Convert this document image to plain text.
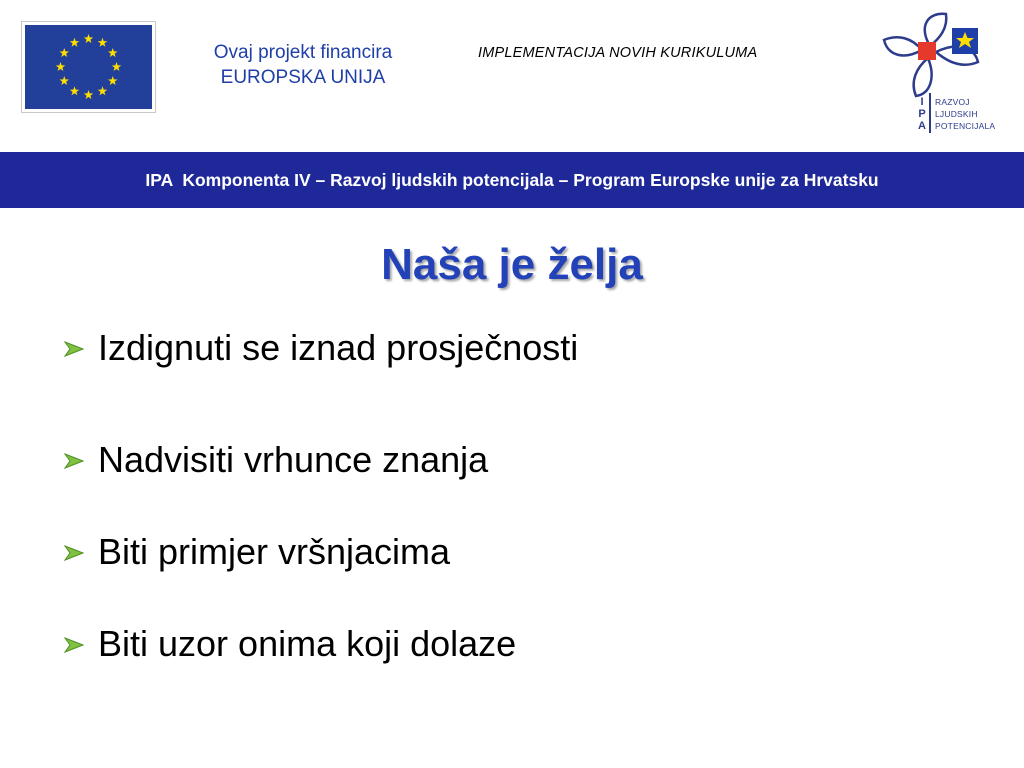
Ovaj projekt financira
EUROPSKA UNIJA
IMPLEMENTACIJA NOVIH KURIKULUMA
I
P
A
RAZVOJ
LJUDSKIH
POTENCIJALA
IPA  Komponenta IV – Razvoj ljudskih potencijala – Program Europske unije za Hrvatsku
Naša je želja
Izdignuti se iznad prosječnosti
Nadvisiti vrhunce znanja
Biti primjer vršnjacima
Biti uzor onima koji dolaze
